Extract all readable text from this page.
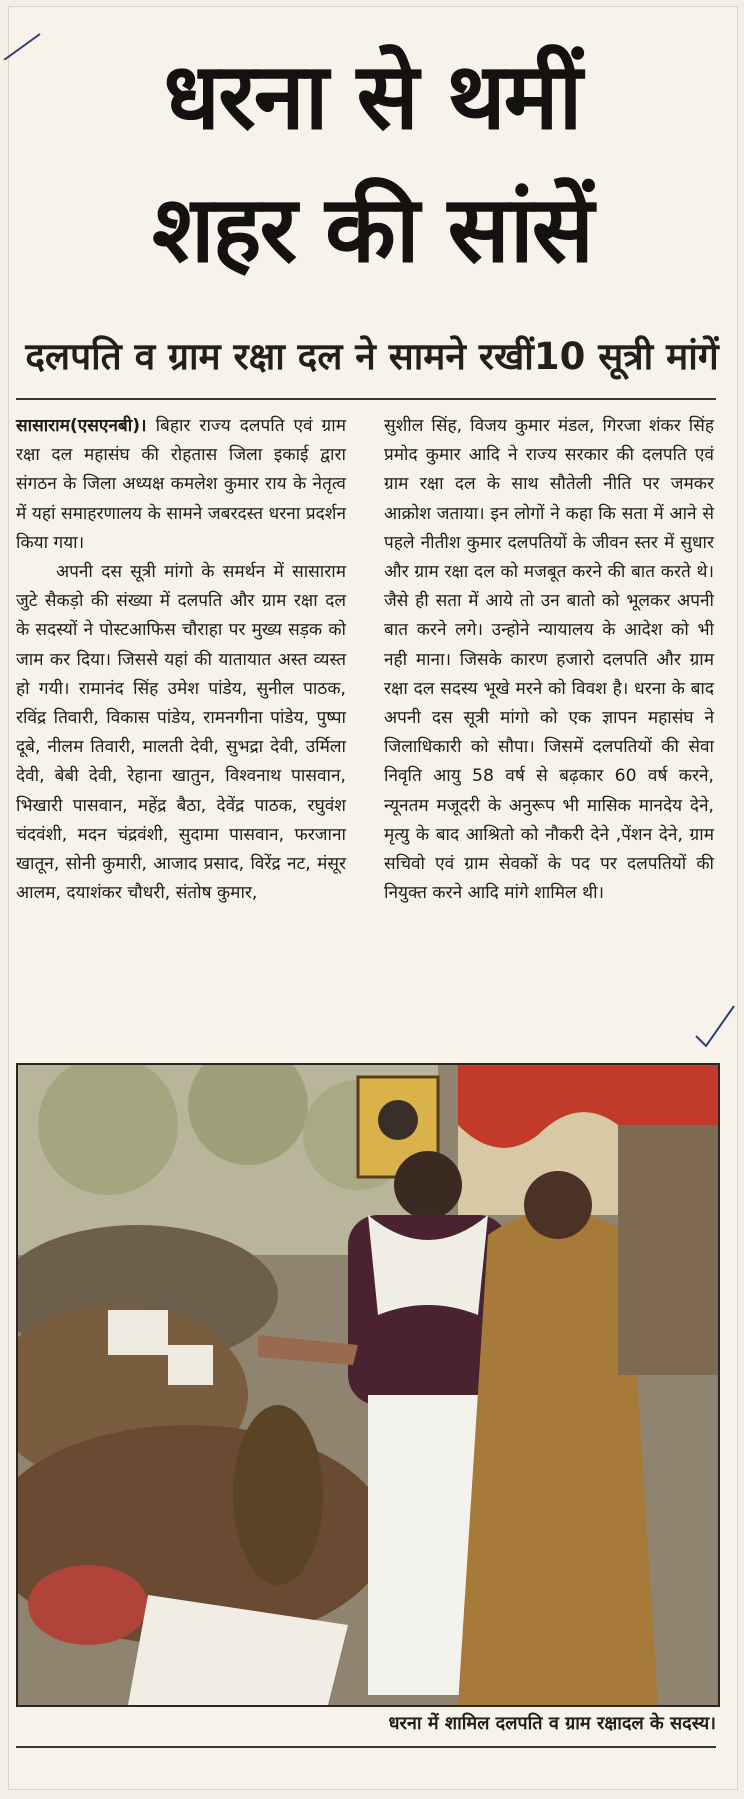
धरना से थमीं
शहर की सांसें
दलपति व ग्राम रक्षा दल ने सामने रखीं10 सूत्री मांगें

सासाराम(एसएनबी)। बिहार राज्य दलपति एवं ग्राम रक्षा दल महासंघ की रोहतास जिला इकाई द्वारा संगठन के जिला अध्यक्ष कमलेश कुमार राय के नेतृत्व में यहां समाहरणालय के सामने जबरदस्त धरना प्रदर्शन किया गया।

अपनी दस सूत्री मांगो के समर्थन में सासाराम जुटे सैकड़ो की संख्या में दलपति और ग्राम रक्षा दल के सदस्यों ने पोस्टआफिस चौराहा पर मुख्य सड़क को जाम कर दिया। जिससे यहां की यातायात अस्त व्यस्त हो गयी। रामानंद सिंह उमेश पांडेय, सुनील पाठक, रविंद्र तिवारी, विकास पांडेय, रामनगीना पांडेय, पुष्पा दूबे, नीलम तिवारी, मालती देवी, सुभद्रा देवी, उर्मिला देवी, बेबी देवी, रेहाना खातुन, विश्वनाथ पासवान, भिखारी पासवान, महेंद्र बैठा, देवेंद्र पाठक, रघुवंश चंदवंशी, मदन चंद्रवंशी, सुदामा पासवान, फरजाना खातून, सोनी कुमारी, आजाद प्रसाद, विरेंद्र नट, मंसूर आलम, दयाशंकर चौधरी, संतोष कुमार,

सुशील सिंह, विजय कुमार मंडल, गिरजा शंकर सिंह प्रमोद कुमार आदि ने राज्य सरकार की दलपति एवं ग्राम रक्षा दल के साथ सौतेली नीति पर जमकर आक्रोश जताया। इन लोगों ने कहा कि सता में आने से पहले नीतीश कुमार दलपतियों के जीवन स्तर में सुधार और ग्राम रक्षा दल को मजबूत करने की बात करते थे। जैसे ही सता में आये तो उन बातो को भूलकर अपनी बात करने लगे। उन्होने न्यायालय के आदेश को भी नही माना। जिसके कारण हजारो दलपति और ग्राम रक्षा दल सदस्य भूखे मरने को विवश है। धरना के बाद अपनी दस सूत्री मांगो को एक ज्ञापन महासंघ ने जिलाधिकारी को सौपा। जिसमें दलपतियों की सेवा निवृति आयु 58 वर्ष से बढ़कार 60 वर्ष करने, न्यूनतम मजूदरी के अनुरूप भी मासिक मानदेय देने, मृत्यु के बाद आश्रितो को नौकरी देने ,पेंशन देने, ग्राम सचिवो एवं ग्राम सेवकों के पद पर दलपतियों की नियुक्त करने आदि मांगे शामिल थी।

धरना में शामिल दलपति व ग्राम रक्षादल के सदस्य।
